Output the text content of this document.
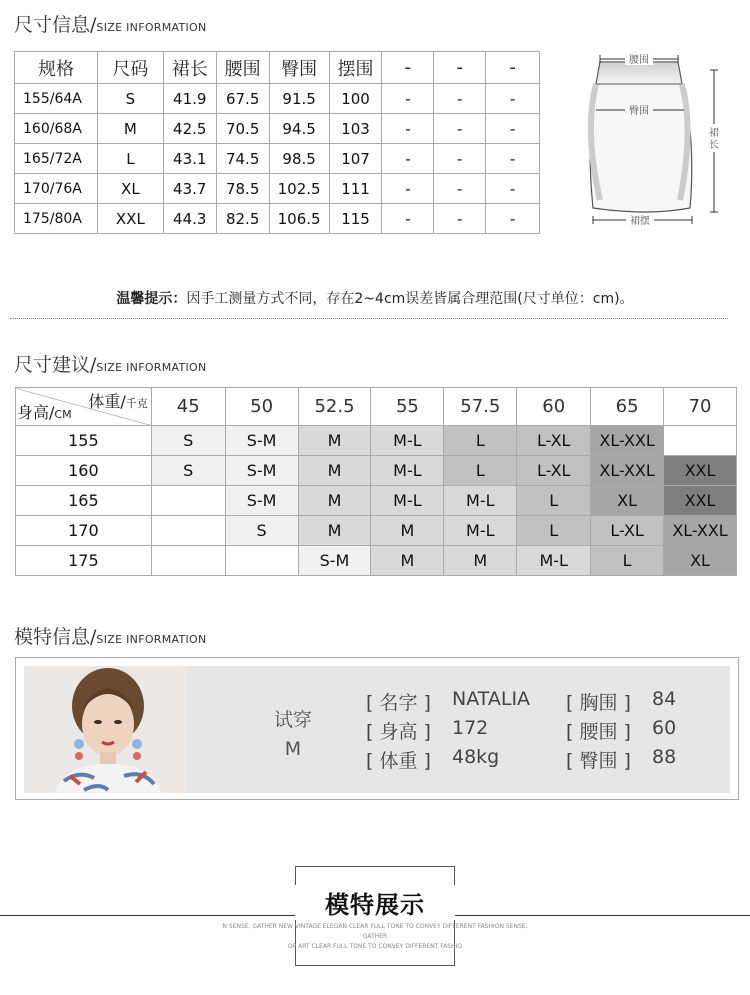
尺寸信息/ SIZE INFORMATION
规格	尺码	裙长	腰围	臀围	摆围	-	-	-
155/64A	S	41.9	67.5	91.5	100	-	-	-
160/68A	M	42.5	70.5	94.5	103	-	-	-
165/72A	L	43.1	74.5	98.5	107	-	-	-
170/76A	XL	43.7	78.5	102.5	111	-	-	-
175/80A	XXL	44.3	82.5	106.5	115	-	-	-
腰围
臀围
裙长
裙摆
温馨提示：因手工测量方式不同，存在2~4cm误差皆属合理范围(尺寸单位：cm)。
尺寸建议/ SIZE INFORMATION
体重/千克
身高/CM	45	50	52.5	55	57.5	60	65	70
155	S	S-M	M	M-L	L	L-XL	XL-XXL	
160	S	S-M	M	M-L	L	L-XL	XL-XXL	XXL
165		S-M	M	M-L	M-L	L	XL	XXL
170		S	M	M	M-L	L	L-XL	XL-XXL
175			S-M	M	M	M-L	L	XL
模特信息/ SIZE INFORMATION
试穿
M
[ 名字 ] NATALIA
[ 身高 ] 172
[ 体重 ] 48kg
[ 胸围 ] 84
[ 腰围 ] 60
[ 臀围 ] 88
模特展示
N SENSE, GATHER NEW VINTAGE ELEGAN CLEAR FULL TONE TO CONVEY DIFFERENT FASHION SENSE, GATHER
OP ART CLEAR FULL TONE TO CONVEY DIFFERENT FASHIO
